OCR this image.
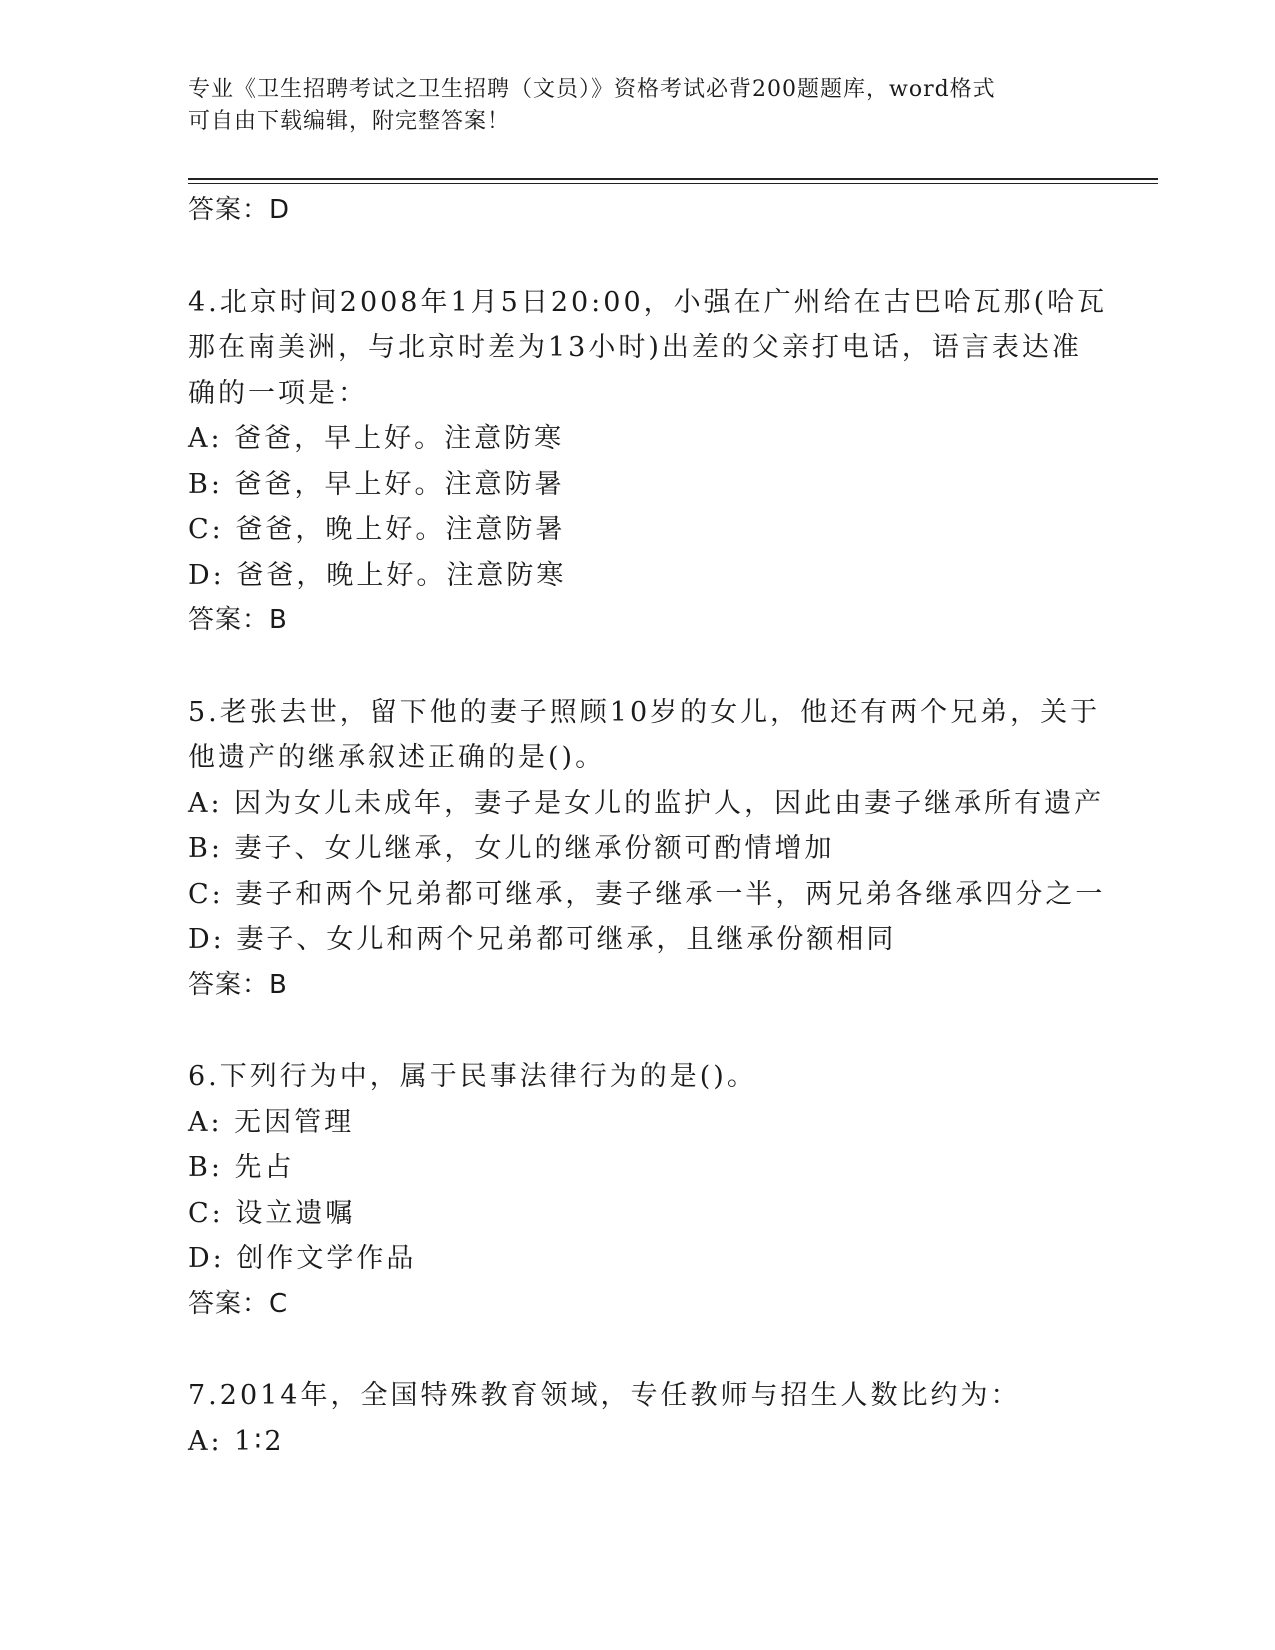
专业《卫生招聘考试之卫生招聘（文员）》资格考试必背200题题库，word格式
可自由下载编辑，附完整答案！
答案：D
4.北京时间2008年1月5日20:00，小强在广州给在古巴哈瓦那(哈瓦
那在南美洲，与北京时差为13小时)出差的父亲打电话，语言表达准
确的一项是：
A: 爸爸，早上好。注意防寒
B: 爸爸，早上好。注意防暑
C: 爸爸，晚上好。注意防暑
D: 爸爸，晚上好。注意防寒
答案：B
5.老张去世，留下他的妻子照顾10岁的女儿，他还有两个兄弟，关于
他遗产的继承叙述正确的是()。
A: 因为女儿未成年，妻子是女儿的监护人，因此由妻子继承所有遗产
B: 妻子、女儿继承，女儿的继承份额可酌情增加
C: 妻子和两个兄弟都可继承，妻子继承一半，两兄弟各继承四分之一
D: 妻子、女儿和两个兄弟都可继承，且继承份额相同
答案：B
6.下列行为中，属于民事法律行为的是()。
A: 无因管理
B: 先占
C: 设立遗嘱
D: 创作文学作品
答案：C
7.2014年，全国特殊教育领域，专任教师与招生人数比约为：
A: 1∶2
